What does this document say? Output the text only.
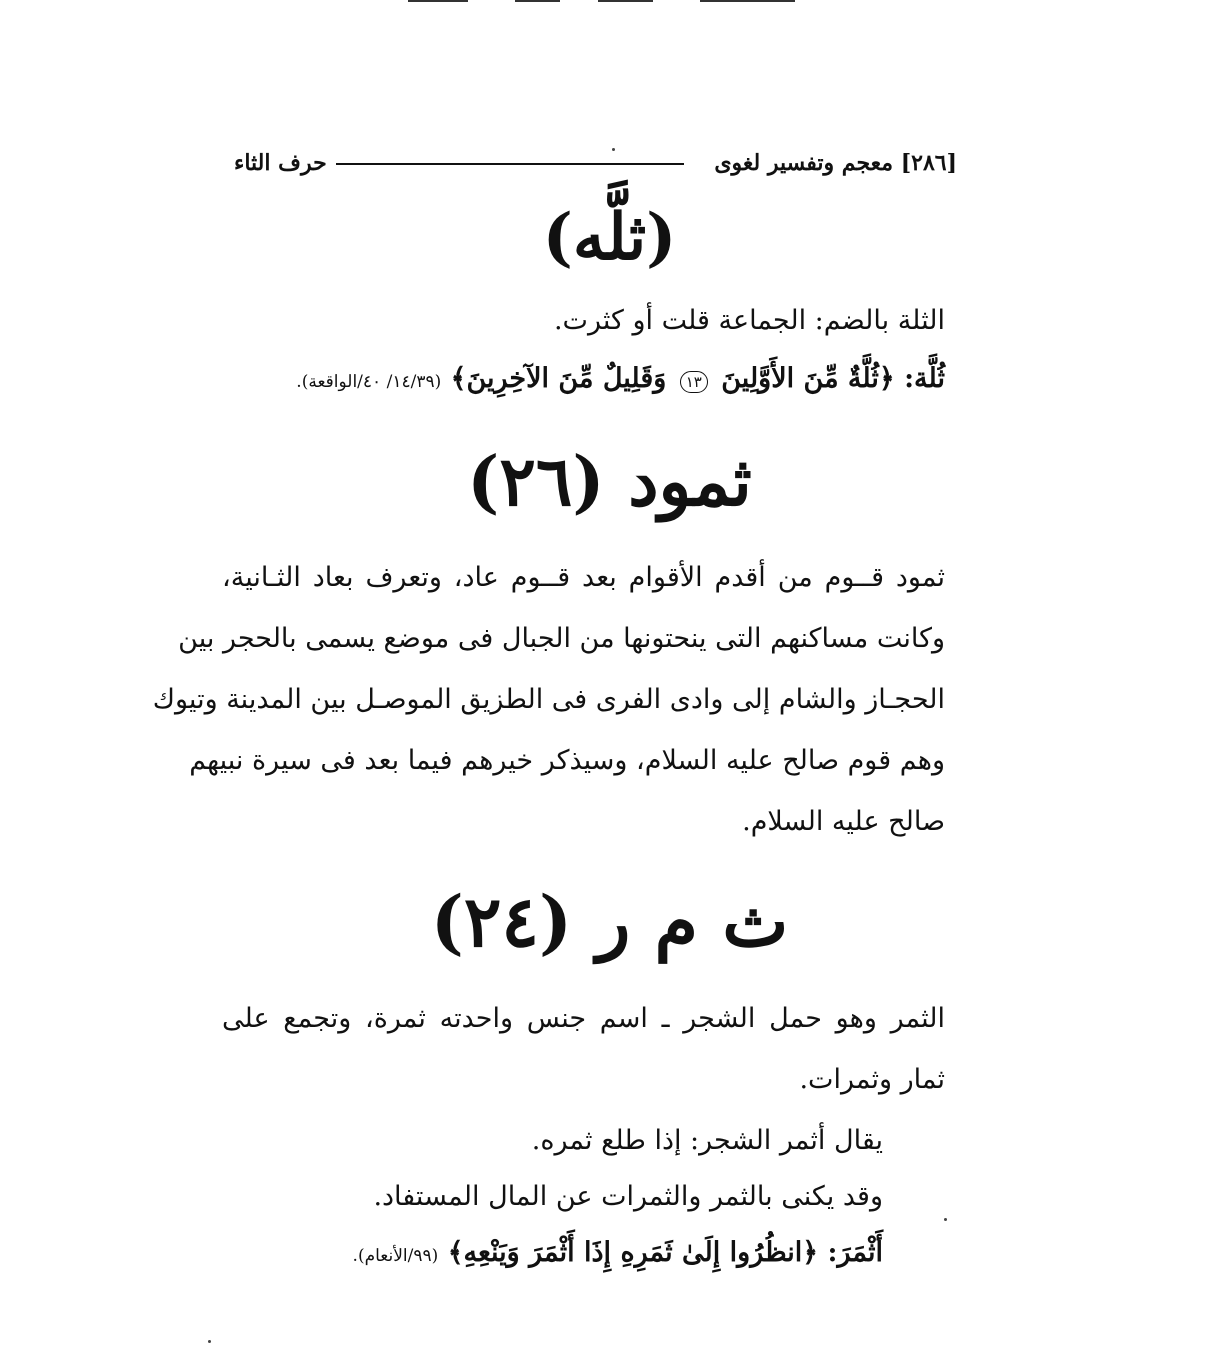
[٢٨٦] معجم وتفسير لغوى
حرف الثاء
(ثلَّه)
الثلة بالضم: الجماعة قلت أو كثرت.
ثُلَّة: ﴿ثُلَّةٌ مِّنَ الأَوَّلِينَ ١٣ وَقَلِيلٌ مِّنَ الآخِرِينَ﴾ (١٤/٣٩/ ٤٠/الواقعة).
ثمود (٢٦)
ثمود قــوم من أقدم الأقوام بعد قــوم عاد، وتعرف بعاد الثـانية،
وكانت مساكنهم التى ينحتونها من الجبال فى موضع يسمى بالحجر بين
الحجـاز والشام إلى وادى الفرى فى الطزيق الموصـل بين المدينة وتيوك
وهم قوم صالح عليه السلام، وسيذكر خيرهم فيما بعد فى سيرة نبيهم
صالح عليه السلام.
ث م ر (٢٤)
الثمر وهو حمل الشجر ـ اسم جنس واحدته ثمرة، وتجمع على
ثمار وثمرات.
يقال أثمر الشجر: إذا طلع ثمره.
وقد يكنى بالثمر والثمرات عن المال المستفاد.
أَثْمَرَ: ﴿انظُرُوا إِلَىٰ ثَمَرِهِ إِذَا أَثْمَرَ وَيَنْعِهِ﴾ (٩٩/الأنعام).
